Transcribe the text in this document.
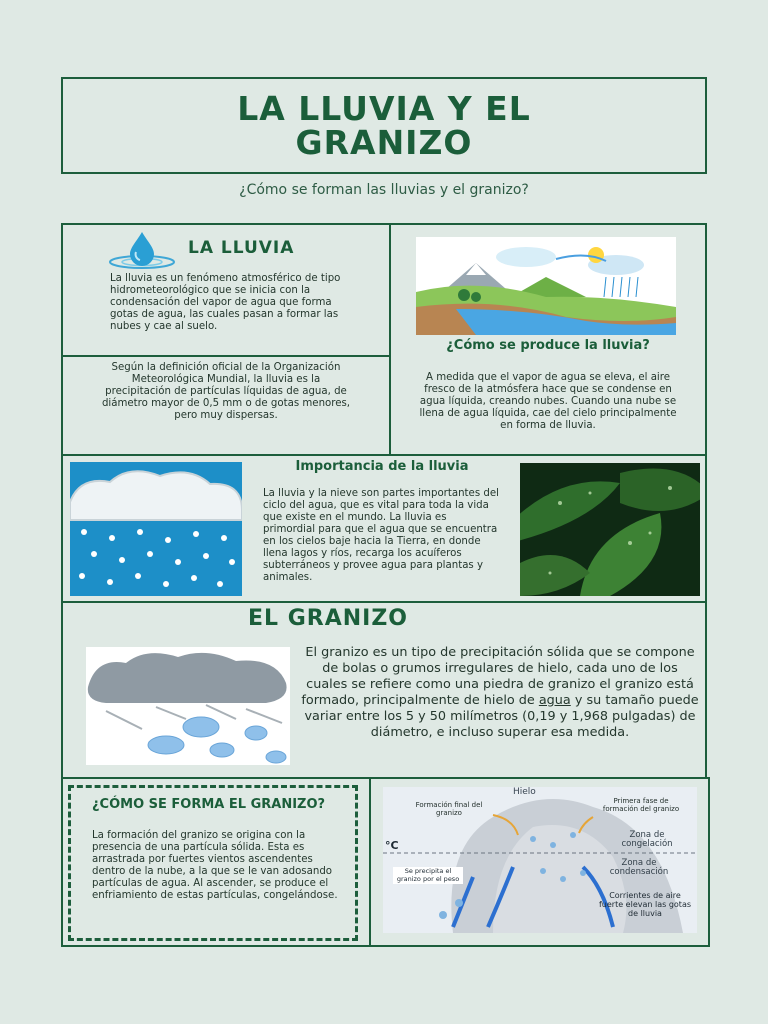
LA LLUVIA Y EL
GRANIZO
¿Cómo se forman las lluvias y el granizo?
LA LLUVIA
La lluvia es un fenómeno atmosférico de tipo hidrometeorológico que se inicia con la condensación del vapor de agua que forma gotas de agua, las cuales pasan a formar las nubes y cae al suelo.
Según la definición oficial de la Organización Meteorológica Mundial, la lluvia es la precipitación de partículas líquidas de agua, de diámetro mayor de 0,5 mm o de gotas menores, pero muy dispersas.
¿Cómo se produce la lluvia?
A medida que el vapor de agua se eleva, el aire fresco de la atmósfera hace que se condense en agua líquida, creando nubes. Cuando una nube se llena de agua líquida, cae del cielo principalmente en forma de lluvia.
Importancia de la lluvia
La lluvia y la nieve son partes importantes del ciclo del agua, que es vital para toda la vida que existe en el mundo. La lluvia es primordial para que el agua que se encuentra en los cielos baje hacia la Tierra, en donde llena lagos y ríos, recarga los acuíferos subterráneos y provee agua para plantas y animales.
EL GRANIZO
El granizo es un tipo de precipitación sólida que se compone de bolas o grumos irregulares de hielo, cada uno de los cuales se refiere como una piedra de granizo el granizo está formado, principalmente de hielo de agua y su tamaño puede variar entre los 5 y 50 milímetros (0,19 y 1,968 pulgadas) de diámetro, e incluso superar esa medida.
¿CÓMO SE FORMA EL GRANIZO?
La formación del granizo se origina con la presencia de una partícula sólida. Esta es arrastrada por fuertes vientos ascendentes dentro de la nube, a la que se le van adosando partículas de agua. Al ascender, se produce el enfriamiento de estas partículas, congelándose.
Hielo
Formación final del granizo
Primera fase de formación del granizo
Zona de congelación
°C
Zona de condensación
Se precipita el granizo por el peso
Corrientes de aire fuerte elevan las gotas de lluvia
